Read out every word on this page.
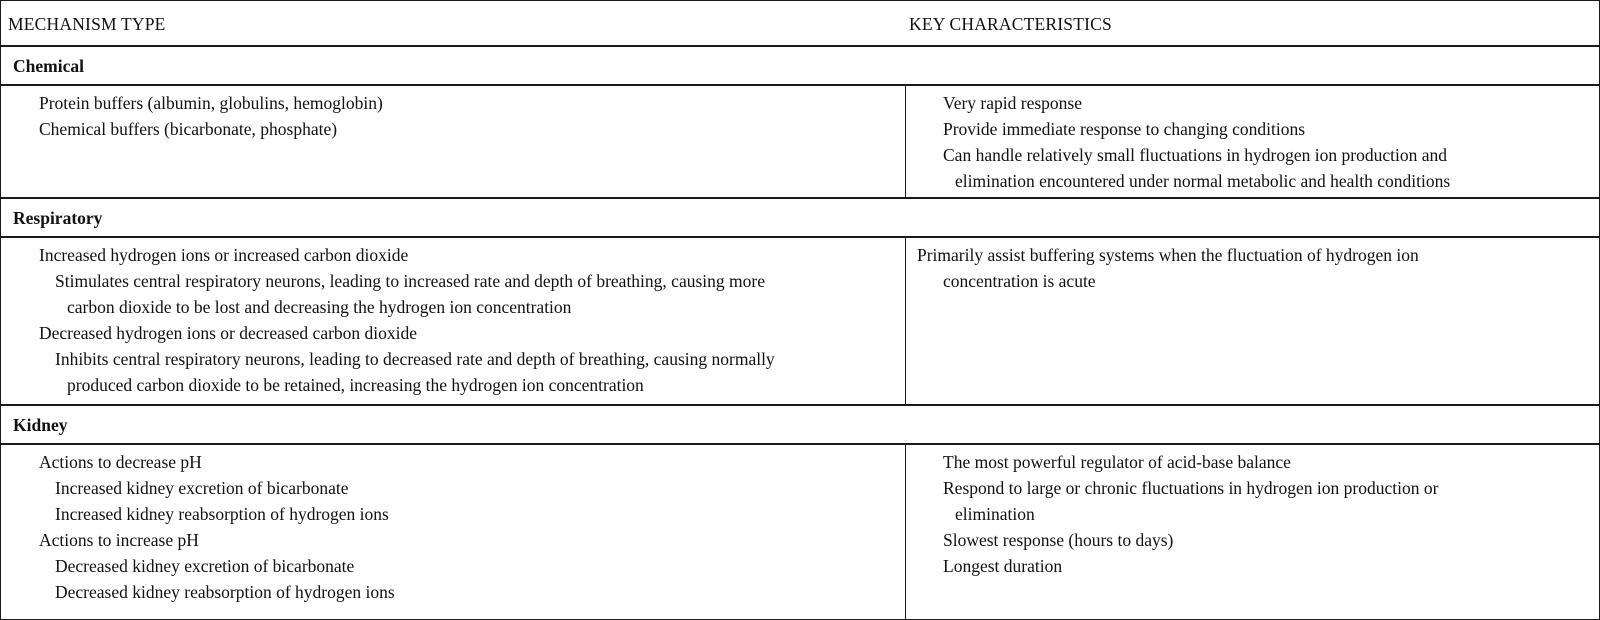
MECHANISM TYPE	KEY CHARACTERISTICS
Chemical
Protein buffers (albumin, globulins, hemoglobin)
Chemical buffers (bicarbonate, phosphate)
Very rapid response
Provide immediate response to changing conditions
Can handle relatively small fluctuations in hydrogen ion production and
elimination encountered under normal metabolic and health conditions
Respiratory
Increased hydrogen ions or increased carbon dioxide
Stimulates central respiratory neurons, leading to increased rate and depth of breathing, causing more
carbon dioxide to be lost and decreasing the hydrogen ion concentration
Decreased hydrogen ions or decreased carbon dioxide
Inhibits central respiratory neurons, leading to decreased rate and depth of breathing, causing normally
produced carbon dioxide to be retained, increasing the hydrogen ion concentration
Primarily assist buffering systems when the fluctuation of hydrogen ion
concentration is acute
Kidney
Actions to decrease pH
Increased kidney excretion of bicarbonate
Increased kidney reabsorption of hydrogen ions
Actions to increase pH
Decreased kidney excretion of bicarbonate
Decreased kidney reabsorption of hydrogen ions
The most powerful regulator of acid-base balance
Respond to large or chronic fluctuations in hydrogen ion production or
elimination
Slowest response (hours to days)
Longest duration
